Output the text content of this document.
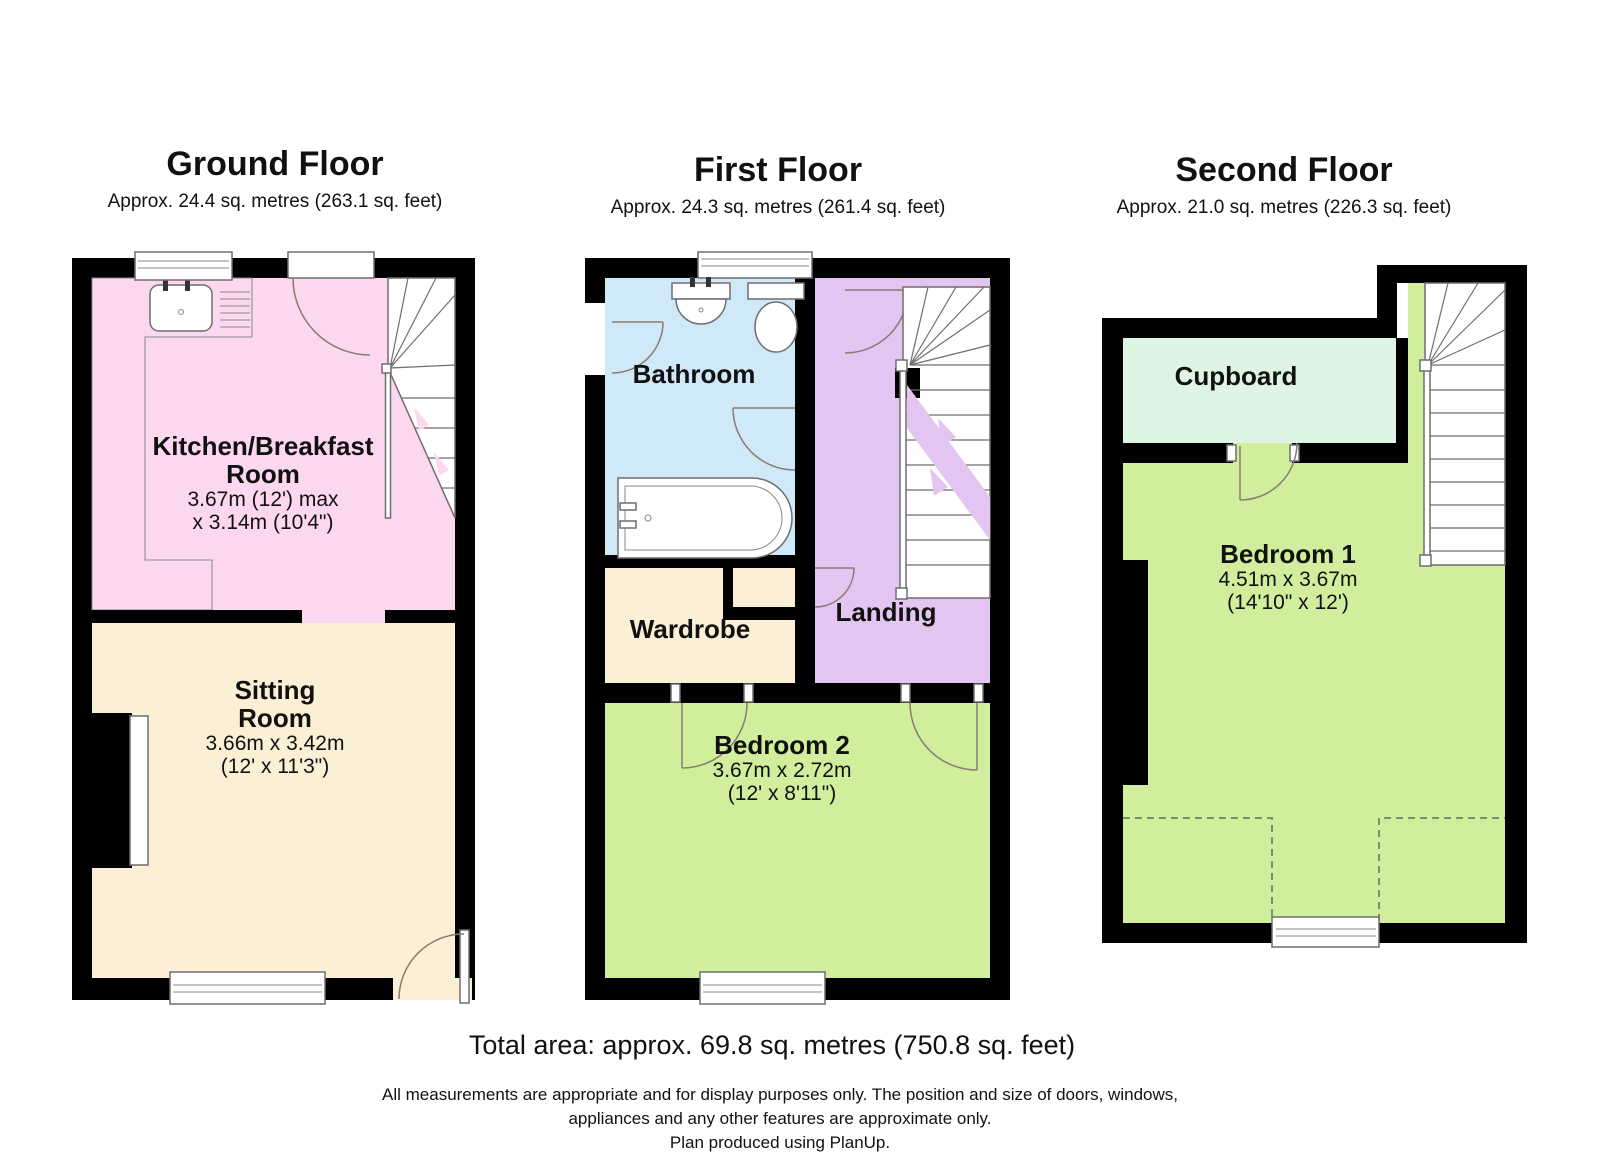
Ground Floor
Approx. 24.4 sq. metres (263.1 sq. feet)
First Floor
Approx. 24.3 sq. metres (261.4 sq. feet)
Second Floor
Approx. 21.0 sq. metres (226.3 sq. feet)
Kitchen/Breakfast
Room
3.67m (12') max
x 3.14m (10'4")
Sitting
Room
3.66m x 3.42m
(12' x 11'3")
Bathroom
Wardrobe
Landing
Bedroom 2
3.67m x 2.72m
(12' x 8'11")
Cupboard
Bedroom 1
4.51m x 3.67m
(14'10" x 12')
Total area: approx. 69.8 sq. metres (750.8 sq. feet)
All measurements are appropriate and for display purposes only. The position and size of doors, windows,
appliances and any other features are approximate only.
Plan produced using PlanUp.
